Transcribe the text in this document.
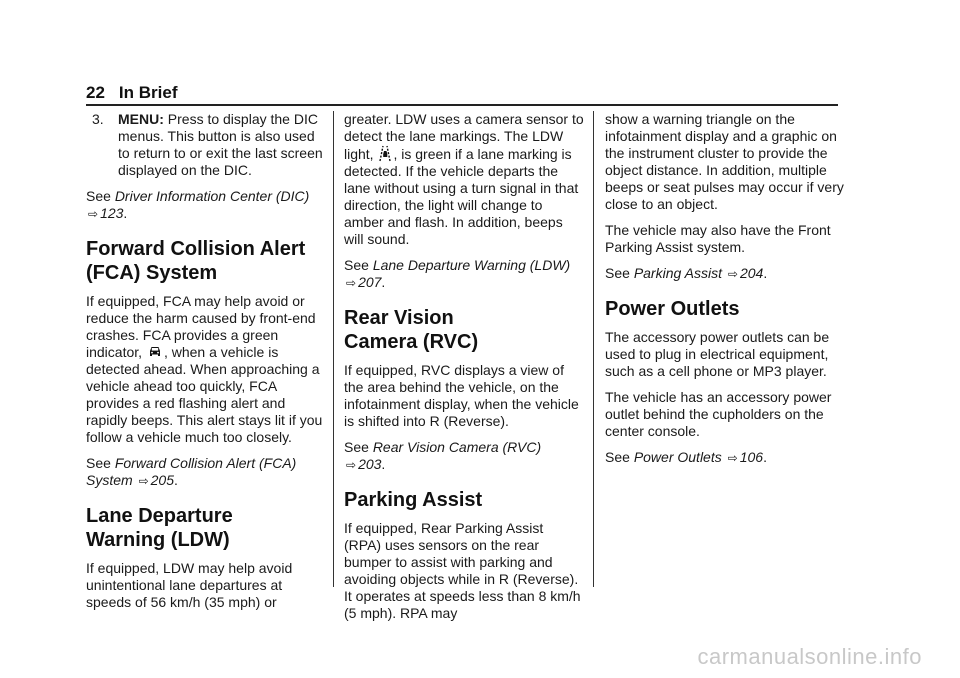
22 In Brief
3.	MENU: Press to display the DIC menus. This button is also used to return to or exit the last screen displayed on the DIC.

See Driver Information Center (DIC)
⇨ 123.

Forward Collision Alert
(FCA) System

If equipped, FCA may help avoid or reduce the harm caused by front-end crashes. FCA provides a green indicator,
, when a vehicle is detected ahead. When approaching a vehicle ahead too quickly, FCA provides a red flashing alert and rapidly beeps. This alert stays lit if you follow a vehicle much too closely.

See Forward Collision Alert (FCA) System ⇨ 205.

Lane Departure
Warning (LDW)

If equipped, LDW may help avoid unintentional lane departures at speeds of 56 km/h (35 mph) or

greater. LDW uses a camera sensor to detect the lane markings. The LDW light,
, is green if a lane marking is detected. If the vehicle departs the lane without using a turn signal in that direction, the light will change to amber and flash. In addition, beeps will sound.

See Lane Departure Warning (LDW)
⇨ 207.

Rear Vision
Camera (RVC)

If equipped, RVC displays a view of the area behind the vehicle, on the infotainment display, when the vehicle is shifted into R (Reverse).

See Rear Vision Camera (RVC)
⇨ 203.

Parking Assist

If equipped, Rear Parking Assist (RPA) uses sensors on the rear bumper to assist with parking and avoiding objects while in R (Reverse). It operates at speeds less than 8 km/h (5 mph). RPA may

show a warning triangle on the infotainment display and a graphic on the instrument cluster to provide the object distance. In addition, multiple beeps or seat pulses may occur if very close to an object.

The vehicle may also have the Front Parking Assist system.

See Parking Assist ⇨ 204.

Power Outlets

The accessory power outlets can be used to plug in electrical equipment, such as a cell phone or MP3 player.

The vehicle has an accessory power outlet behind the cupholders on the center console.

See Power Outlets ⇨ 106.

carmanualsonline.info
